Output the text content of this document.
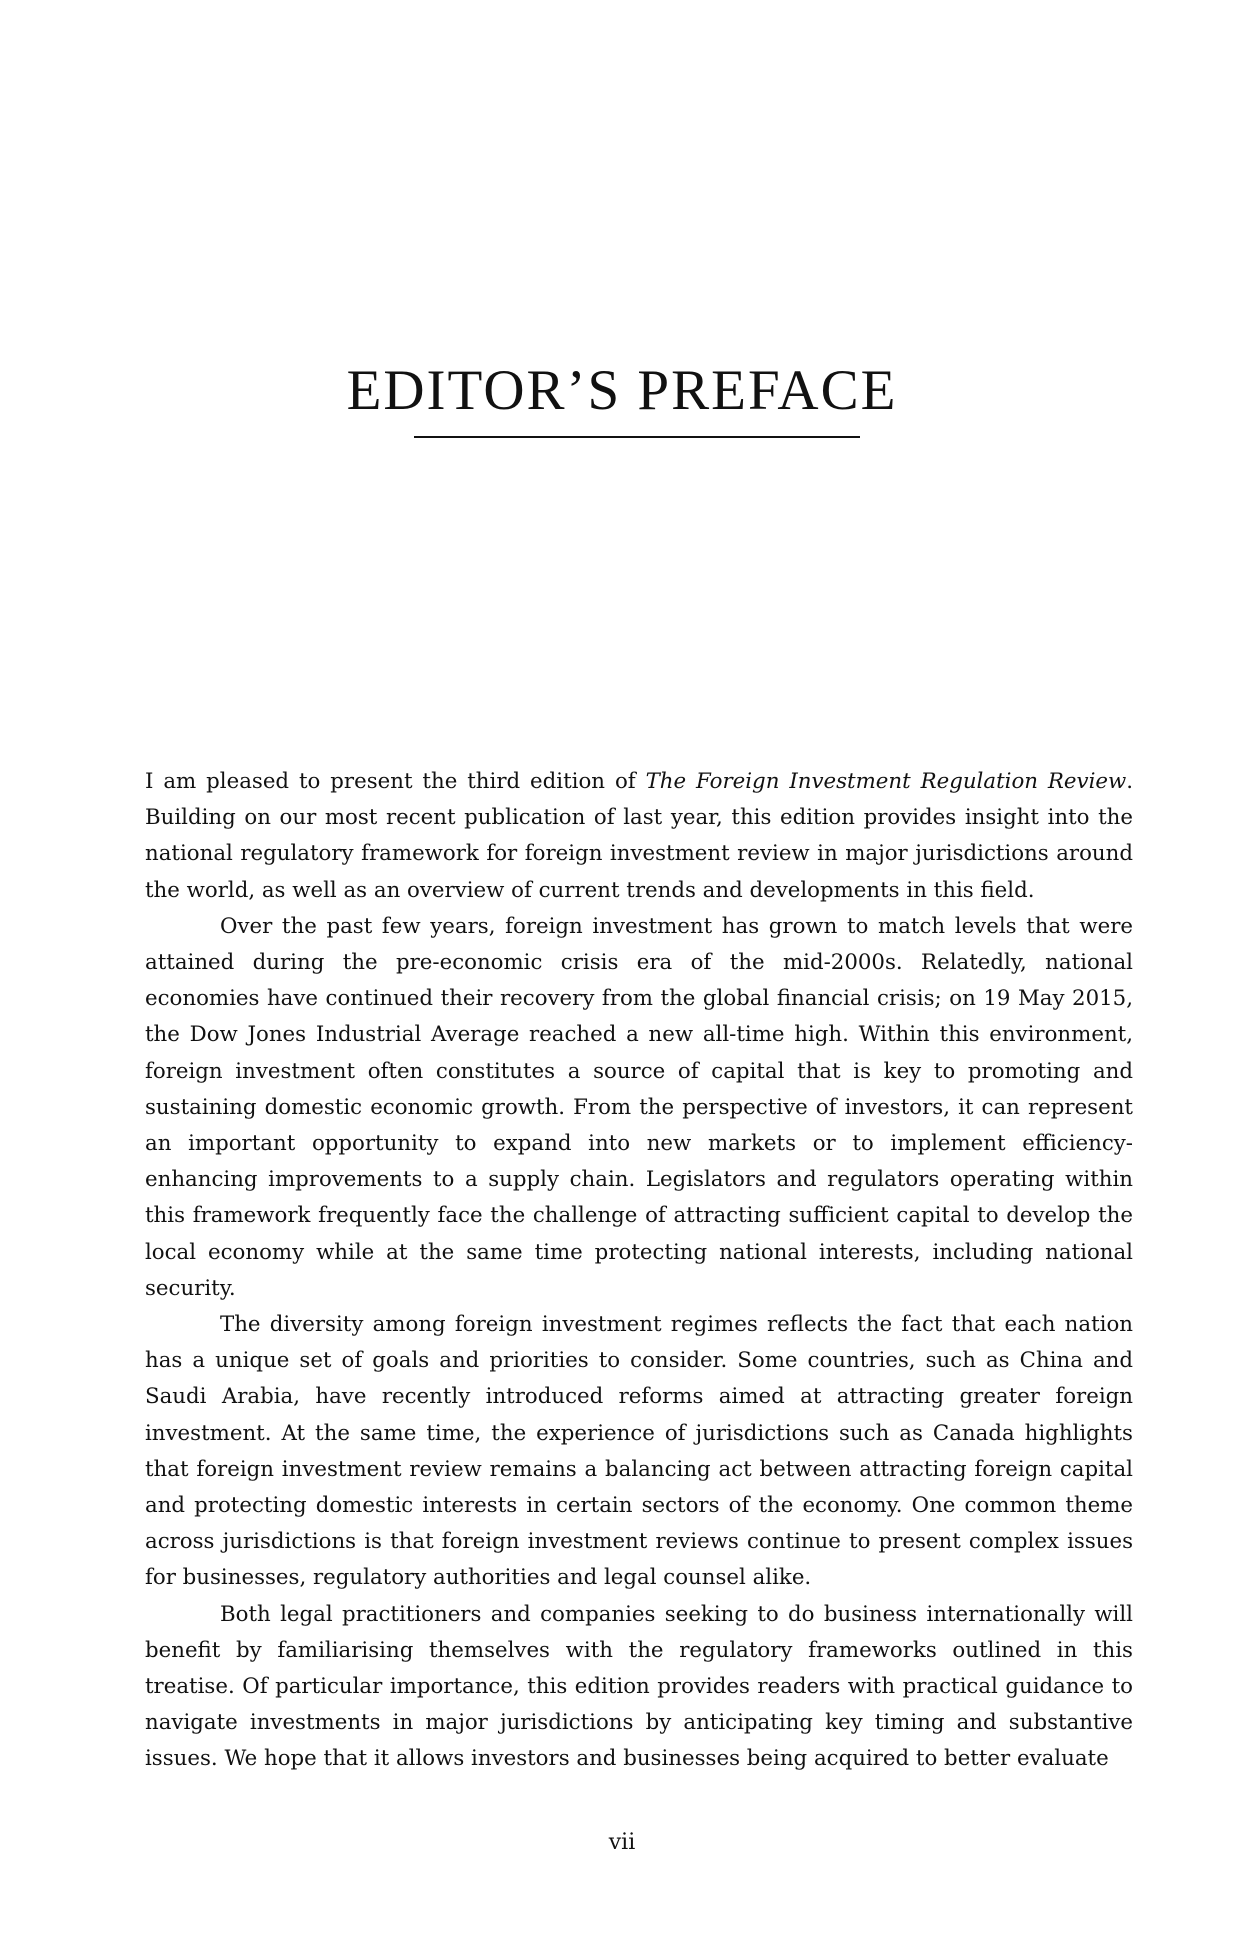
EDITOR’S PREFACE

I am pleased to present the third edition of The Foreign Investment Regulation Review. Building on our most recent publication of last year, this edition provides insight into the national regulatory framework for foreign investment review in major jurisdictions around the world, as well as an overview of current trends and developments in this field.

Over the past few years, foreign investment has grown to match levels that were attained during the pre-economic crisis era of the mid-2000s. Relatedly, national economies have continued their recovery from the global financial crisis; on 19 May 2015, the Dow Jones Industrial Average reached a new all-time high. Within this environment, foreign investment often constitutes a source of capital that is key to promoting and sustaining domestic economic growth. From the perspective of investors, it can represent an important opportunity to expand into new markets or to implement efficiency-enhancing improvements to a supply chain. Legislators and regulators operating within this framework frequently face the challenge of attracting sufficient capital to develop the local economy while at the same time protecting national interests, including national security.

The diversity among foreign investment regimes reflects the fact that each nation has a unique set of goals and priorities to consider. Some countries, such as China and Saudi Arabia, have recently introduced reforms aimed at attracting greater foreign investment. At the same time, the experience of jurisdictions such as Canada highlights that foreign investment review remains a balancing act between attracting foreign capital and protecting domestic interests in certain sectors of the economy. One common theme across jurisdictions is that foreign investment reviews continue to present complex issues for businesses, regulatory authorities and legal counsel alike.

Both legal practitioners and companies seeking to do business internationally will benefit by familiarising themselves with the regulatory frameworks outlined in this treatise. Of particular importance, this edition provides readers with practical guidance to navigate investments in major jurisdictions by anticipating key timing and substantive issues. We hope that it allows investors and businesses being acquired to better evaluate

vii
